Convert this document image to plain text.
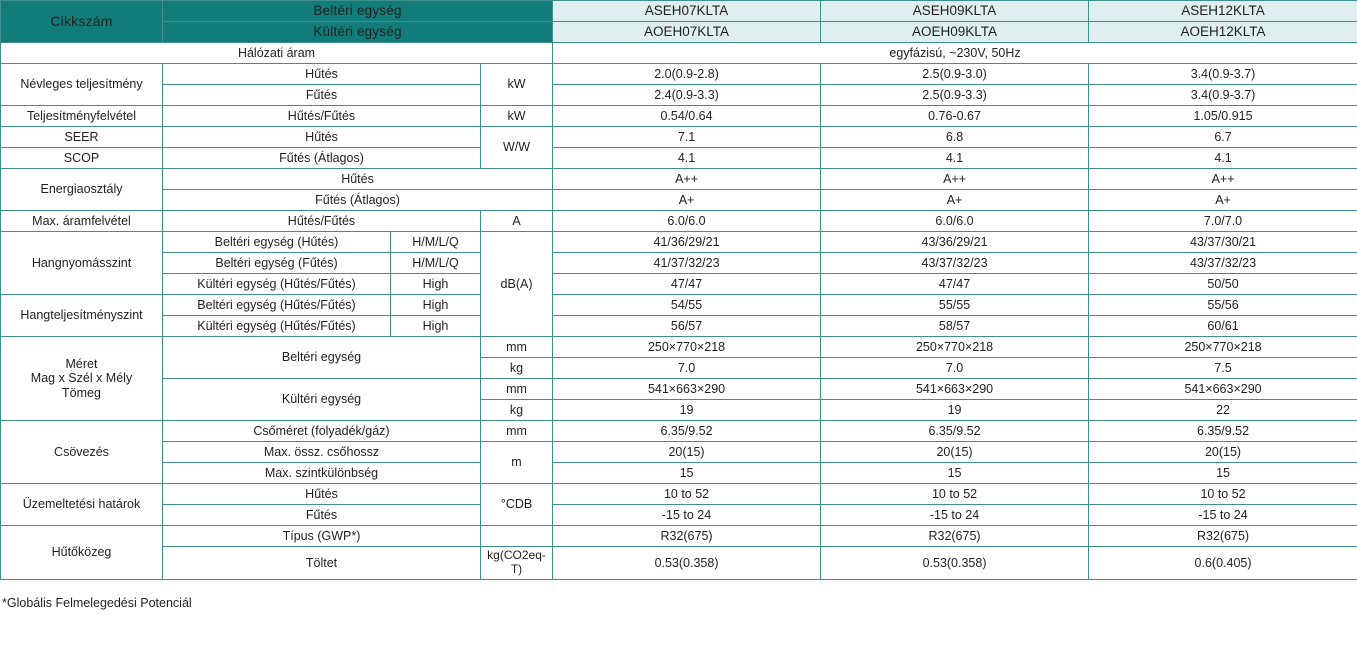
Cikkszám	Beltéri egység			ASEH07KLTA	ASEH09KLTA	ASEH12KLTA
	Kültéri egység			AOEH07KLTA	AOEH09KLTA	AOEH12KLTA
Hálózati áram				egyfázisú, ~230V, 50Hz		
Névleges teljesítmény	Hűtés		kW	2.0(0.9-2.8)	2.5(0.9-3.0)	3.4(0.9-3.7)
	Fűtés			2.4(0.9-3.3)	2.5(0.9-3.3)	3.4(0.9-3.7)
Teljesítményfelvétel	Hűtés/Fűtés		kW	0.54/0.64	0.76-0.67	1.05/0.915
SEER	Hűtés		W/W	7.1	6.8	6.7
SCOP	Fűtés (Átlagos)			4.1	4.1	4.1
Energiaosztály	Hűtés			A++	A++	A++
	Fűtés (Átlagos)			A+	A+	A+
Max. áramfelvétel	Hűtés/Fűtés		A	6.0/6.0	6.0/6.0	7.0/7.0
Hangnyomásszint	Beltéri egység (Hűtés)	H/M/L/Q	dB(A)	41/36/29/21	43/36/29/21	43/37/30/21
	Beltéri egység (Fűtés)	H/M/L/Q		41/37/32/23	43/37/32/23	43/37/32/23
	Kültéri egység (Hűtés/Fűtés)	High		47/47	47/47	50/50
Hangteljesítményszint	Beltéri egység (Hűtés/Fűtés)	High		54/55	55/55	55/56
	Kültéri egység (Hűtés/Fűtés)	High		56/57	58/57	60/61
Méret
Mag x Szél x Mély
Tömeg	Beltéri egység		mm	250×770×218	250×770×218	250×770×218
			kg	7.0	7.0	7.5
	Kültéri egység		mm	541×663×290	541×663×290	541×663×290
			kg	19	19	22
Csövezés	Csőméret (folyadék/gáz)		mm	6.35/9.52	6.35/9.52	6.35/9.52
	Max. össz. csőhossz		m	20(15)	20(15)	20(15)
	Max. szintkülönbség			15	15	15
Üzemeltetési határok	Hűtés		°CDB	10 to 52	10 to 52	10 to 52
	Fűtés			-15 to 24	-15 to 24	-15 to 24
Hűtőközeg	Típus (GWP*)			R32(675)	R32(675)	R32(675)
	Töltet		kg(CO2eq-T)	0.53(0.358)	0.53(0.358)	0.6(0.405)
*Globális Felmelegedési Potenciál
